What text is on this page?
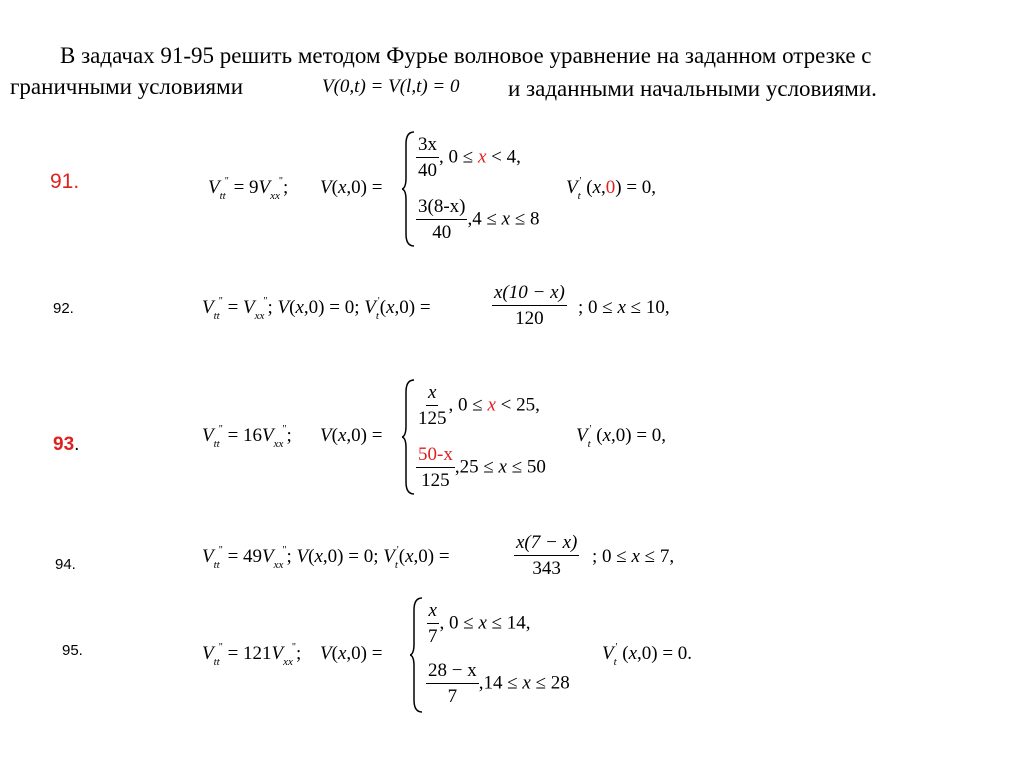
В задачах 91-95 решить методом Фурье волновое уравнение на заданном отрезке с
граничными условиями	V(0,t) = V(l,t) = 0 и заданными начальными условиями.
91.	$V_{tt}^" = 9V_{xx}^"$; V(x,0) =
$\frac{3x}{40}$ , 0 ≤ x < 4,
$\frac{3(8-x)}{40} ,4 \le x \le 8$
$V_t'$ (x,0) = 0,
92.	$V_{tt}^" = V_{xx}^"$; V(x,0) = 0; $V_t'(x,0)$ =	$\frac{x(10 - x)}{120}$ ; 0 ≤ x ≤ 10,
93.	$V_{tt}^" = 16V_{xx}^"$; V(x,0) =
$\frac{x}{125}$ , 0 ≤ x < 25,
$\frac{50-x}{125} ,25 \le x \le 50$
$V_t'$ (x,0) = 0,
94.	$V_{tt}^" = 49V_{xx}^"$; V(x,0) = 0; $V_t'(x,0)$ =	$\frac{x(7 - x)}{343}$ ; 0 ≤ x ≤ 7,
95.	$V_{tt}^" = 121V_{xx}^"$; V(x,0) =
$\frac{x}{7}$ , 0 ≤ x ≤ 14,
$\frac{28 - x}{7} ,14 \le x \le 28$
$V_t'$ (x,0) = 0.
